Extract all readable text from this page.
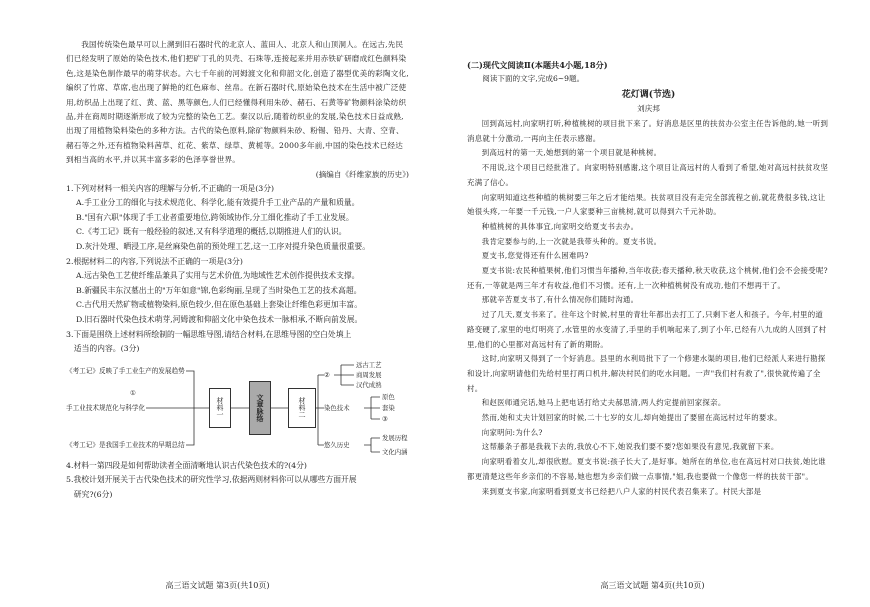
我国传统染色最早可以上溯到旧石器时代的北京人、蓝田人、北京人和山顶洞人。在远古,先民们已经发明了原始的染色技术,他们把矿丁孔的贝壳、石珠等,连接起来并用赤铁矿研磨成红色颜料染色,这是染色制作最早的萌芽状态。六七千年前的河姆渡文化和仰韶文化,创造了器型优美的彩陶文化,编织了竹席、草席,也出现了鲜艳的红色麻布、丝帛。在新石器时代,原始染色技术在生活中被广泛使用,纺织品上出现了红、黄、蓝、黑等颜色,人们已经懂得利用朱砂、赭石、石黄等矿物颜料涂染纺织品,并在商周时期逐渐形成了较为完整的染色工艺。秦汉以后,随着纺织业的发展,染色技术日益成熟,出现了用植物染料染色的多种方法。古代的染色原料,除矿物颜料朱砂、粉锡、铅丹、大青、空青、赭石等之外,还有植物染料茜草、红花、紫草、绿草、黄栀等。2000多年前,中国的染色技术已经达到相当高的水平,并以其丰富多彩的色泽享誉世界。

(摘编自《纤维家族的历史》)

1.下列对材料一相关内容的理解与分析,不正确的一项是(3分)

A.手工业分工的细化与技术规范化、科学化,能有效提升手工业产品的产量和质量。

B."国有六职"体现了手工业者重要地位,跨领域协作,分工细化推动了手工业发展。

C.《考工记》既有一般经验的叙述,又有科学道理的概括,以期推进人们的认识。

D.灰汁处理、晒浸工序,是丝麻染色前的预处理工艺,这一工序对提升染色质量很重要。

2.根据材料二的内容,下列说法不正确的一项是(3分)

A.远古染色工艺使纤维品兼具了实用与艺术价值,为地域性艺术创作提供技术支撑。

B.新疆民丰东汉墓出土的"万年如意"锦,色彩绚丽,呈现了当时染色工艺的技术高超。

C.古代用天然矿物或植物染料,原色较少,但在原色基础上套染让纤维色彩更加丰富。

D.旧石器时代染色技术萌芽,河姆渡和仰韶文化中染色技术一脉相承,不断向前发展。

3.下面是围绕上述材料所绘制的一幅思维导图,请结合材料,在思维导图的空白处填上

适当的内容。(3分)

《考工记》反映了手工业生产的发展趋势
①
手工业技术规范化与科学化
《考工记》是我国手工业技术的早期总结
材料一	文章脉络	材料二
②
远古工艺
商周发展
汉代成熟
染色技术
原色
套染
③
悠久历史
发展历程
文化内涵

4.材料一第四段是如何帮助读者全面清晰地认识古代染色技术的?(4分)

5.我校计划开展关于古代染色技术的研究性学习,依据两则材料你可以从哪些方面开展

研究?(6分)

高三语文试题 第3页(共10页)

(二)现代文阅读Ⅱ(本题共4小题,18分)

阅读下面的文字,完成6~9题。

花灯调(节选)

刘庆邦

回到高远村,向家明打听,种植桃树的项目批下来了。好消息是区里的扶贫办公室主任告诉他的,她一听到消息就十分激动,一再向主任表示感谢。

到高远村的第一天,她想到的第一个项目就是种桃树。

不用说,这个项目已经批准了。向家明特别感谢,这个项目让高远村的人看到了希望,她对高远村扶贫攻坚充满了信心。

向家明知道这些种植的桃树要三年之后才能结果。扶贫项目没有走完全部流程之前,就花费很多钱,这让她很头疼,一年要一千元钱,一户人家要种三亩桃树,就可以得到六千元补助。

种植桃树的具体事宜,向家明交给夏支书去办。

我肯定要参与的,上一次就是我带头种的。夏支书说。

夏支书,您觉得还有什么困难吗?

夏支书说:农民种植果树,他们习惯当年播种,当年收获;春天播种,秋天收获,这个桃树,他们会不会接受呢?还有,一等就是两三年才有收益,他们不习惯。还有,上一次种植桃树没有成功,他们不想再干了。

那就辛苦夏支书了,有什么情况你们随时沟通。

过了几天,夏支书来了。往年这个时候,村里的青壮年都出去打工了,只剩下老人和孩子。今年,村里的道路变硬了,家里的电灯明亮了,水管里的水变清了,手里的手机响起来了,到了小年,已经有八九成的人回到了村里,他们的心里都对高远村有了新的期盼。

这时,向家明又得到了一个好消息。县里的水利局批下了一个修建水渠的项目,他们已经派人来进行勘探和设计,向家明请他们先给村里打两口机井,解决村民们的吃水问题。一声"我们村有救了",很快就传遍了全村。

和赵医师通完话,她马上把电话打给丈夫郝思清,两人约定提前回家探亲。

然而,她和丈夫计划回家的时候,二十七岁的女儿,却向她提出了要留在高远村过年的要求。

向家明问:为什么?

这帮藤条子都是我栽下去的,我放心不下,她说我们要不要?您如果没有意见,我就留下来。

向家明看着女儿,却很欣慰。夏支书说:孩子长大了,是好事。她所在的单位,也在高远村对口扶贫,她比谁都更清楚这些年乡亲们的不容易,她也想为乡亲们做一点事情,"姐,我也要做一个像您一样的扶贫干部"。

来到夏支书家,向家明看到夏支书已经把八户人家的村民代表召集来了。村民大部是

高三语文试题 第4页(共10页)
